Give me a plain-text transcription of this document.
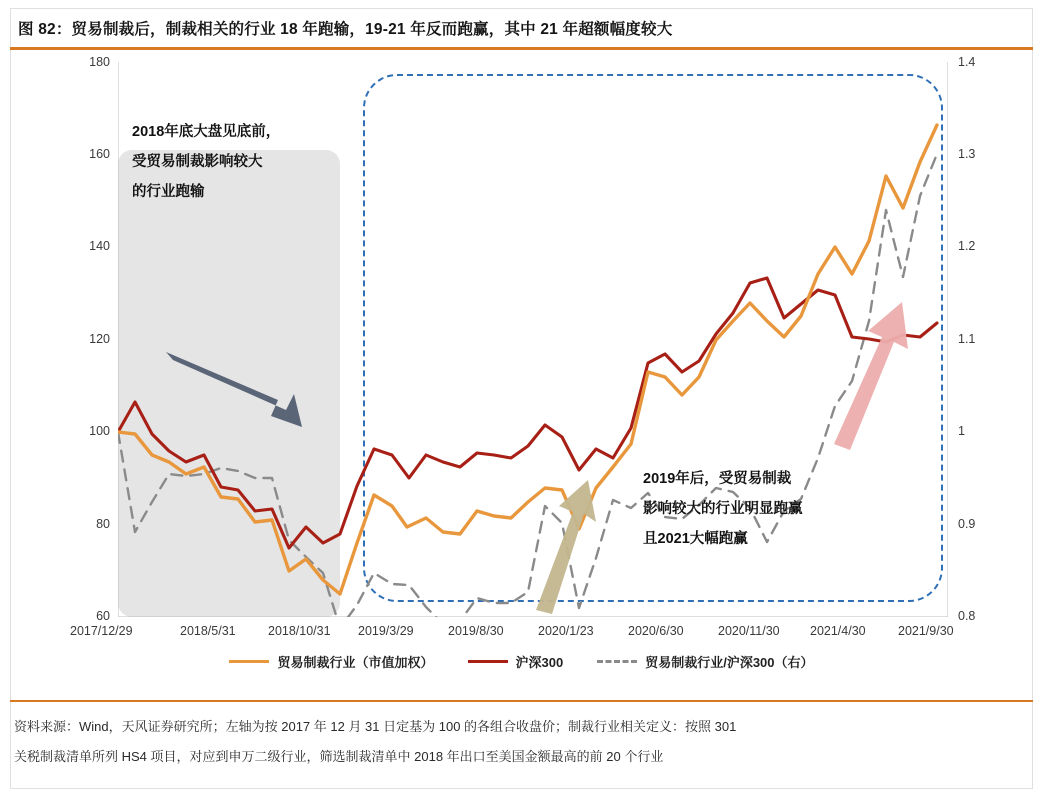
图 82：贸易制裁后，制裁相关的行业 18 年跑输，19-21 年反而跑赢，其中 21 年超额幅度较大
2018年底大盘见底前，
受贸易制裁影响较大
的行业跑输
2019年后，受贸易制裁
影响较大的行业明显跑赢
且2021大幅跑赢
180
160
140
120
100
80
60
1.4
1.3
1.2
1.1
1
0.9
0.8
2017/12/29	2018/5/31	2018/10/31 2019/3/29	2019/8/30	2020/1/23	2020/6/30	2020/11/30 2021/4/30	2021/9/30
贸易制裁行业（市值加权）	沪深300	贸易制裁行业/沪深300（右）
资料来源：Wind，天风证券研究所；左轴为按 2017 年 12 月 31 日定基为 100 的各组合收盘价；制裁行业相关定义：按照 301
关税制裁清单所列 HS4 项目，对应到申万二级行业，筛选制裁清单中 2018 年出口至美国金额最高的前 20 个行业
